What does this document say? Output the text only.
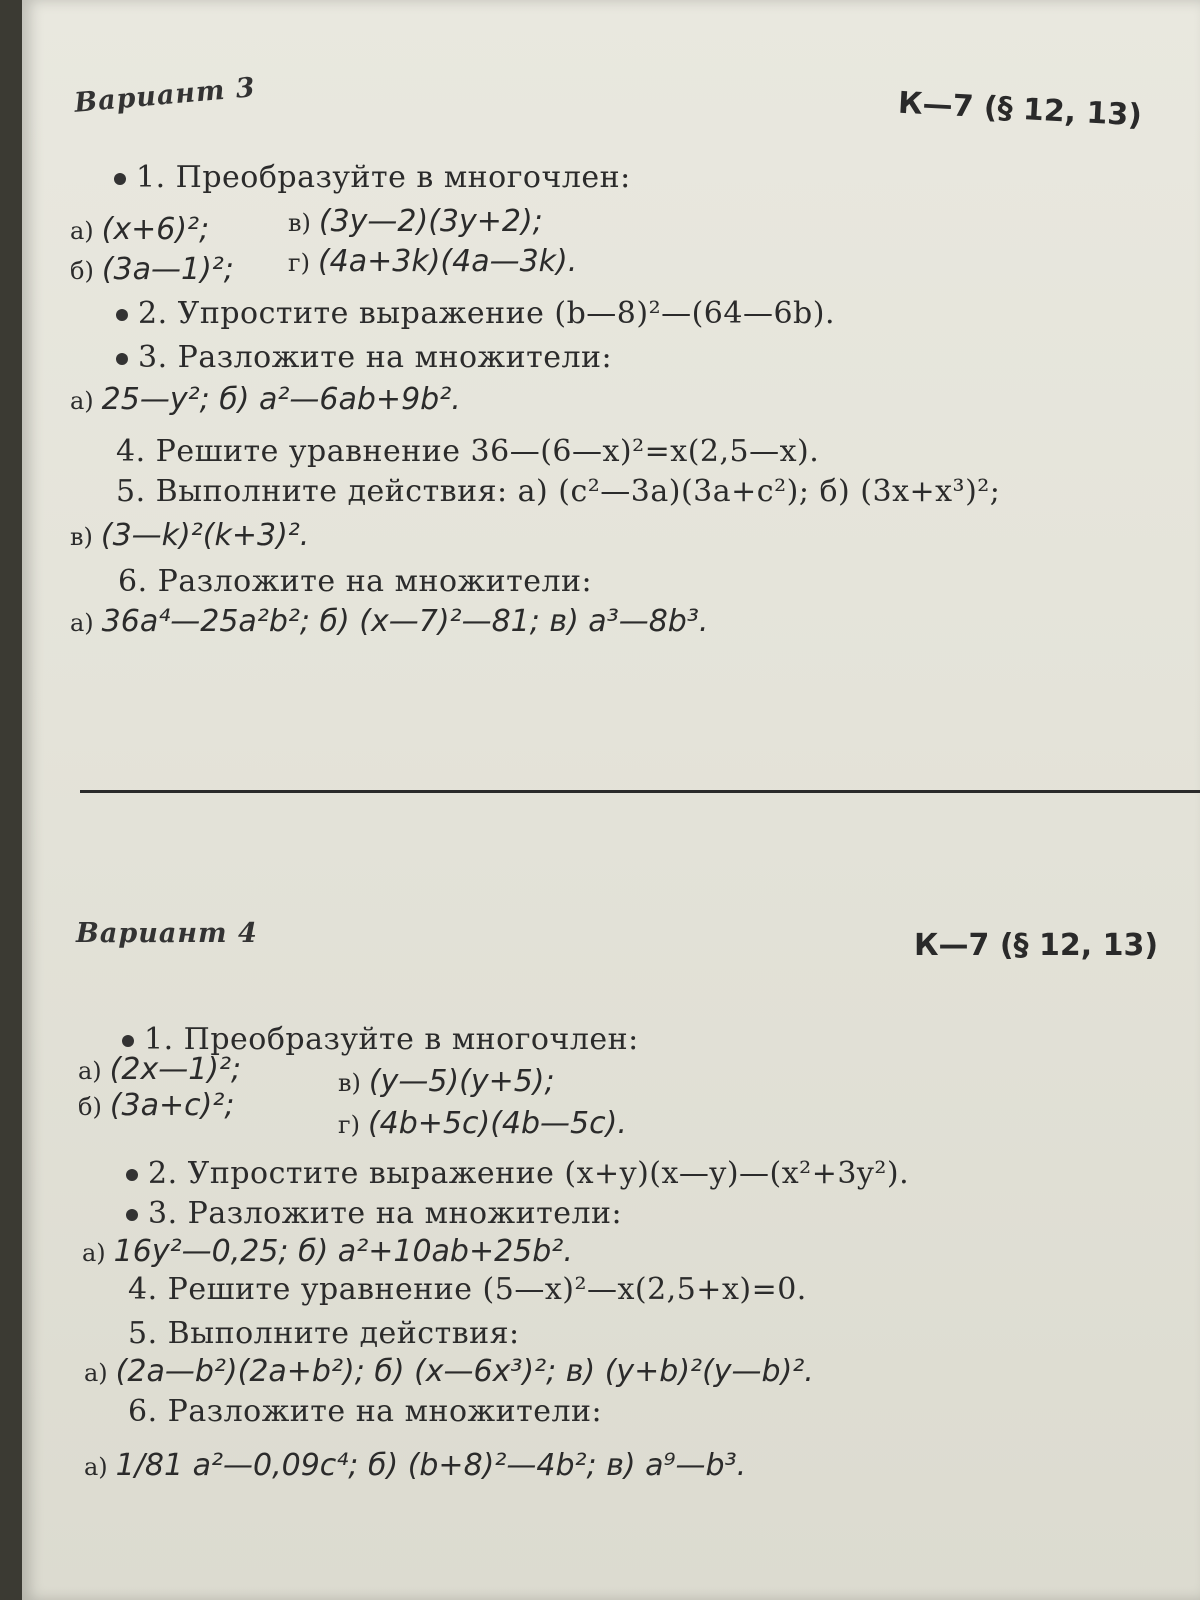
Вариант 3	К—7 (§ 12, 13)
1. Преобразуйте в многочлен:
а) (x+6)²;
б) (3a—1)²;
в) (3y—2)(3y+2);
г) (4a+3k)(4a—3k).
2. Упростите выражение (b—8)²—(64—6b).
3. Разложите на множители:
а) 25—y²; б) a²—6ab+9b².
4. Решите уравнение 36—(6—x)²=x(2,5—x).
5. Выполните действия: а) (c²—3a)(3a+c²); б) (3x+x³)²;
в) (3—k)²(k+3)².
6. Разложите на множители:
а) 36a⁴—25a²b²; б) (x—7)²—81; в) a³—8b³.
Вариант 4	К—7 (§ 12, 13)
1. Преобразуйте в многочлен:
а) (2x—1)²;
б) (3a+c)²;
в) (y—5)(y+5);
г) (4b+5c)(4b—5c).
2. Упростите выражение (x+y)(x—y)—(x²+3y²).
3. Разложите на множители:
а) 16y²—0,25; б) a²+10ab+25b².
4. Решите уравнение (5—x)²—x(2,5+x)=0.
5. Выполните действия:
а) (2a—b²)(2a+b²); б) (x—6x³)²; в) (y+b)²(y—b)².
6. Разложите на множители:
а) 1/81 a²—0,09c⁴; б) (b+8)²—4b²; в) a⁹—b³.
